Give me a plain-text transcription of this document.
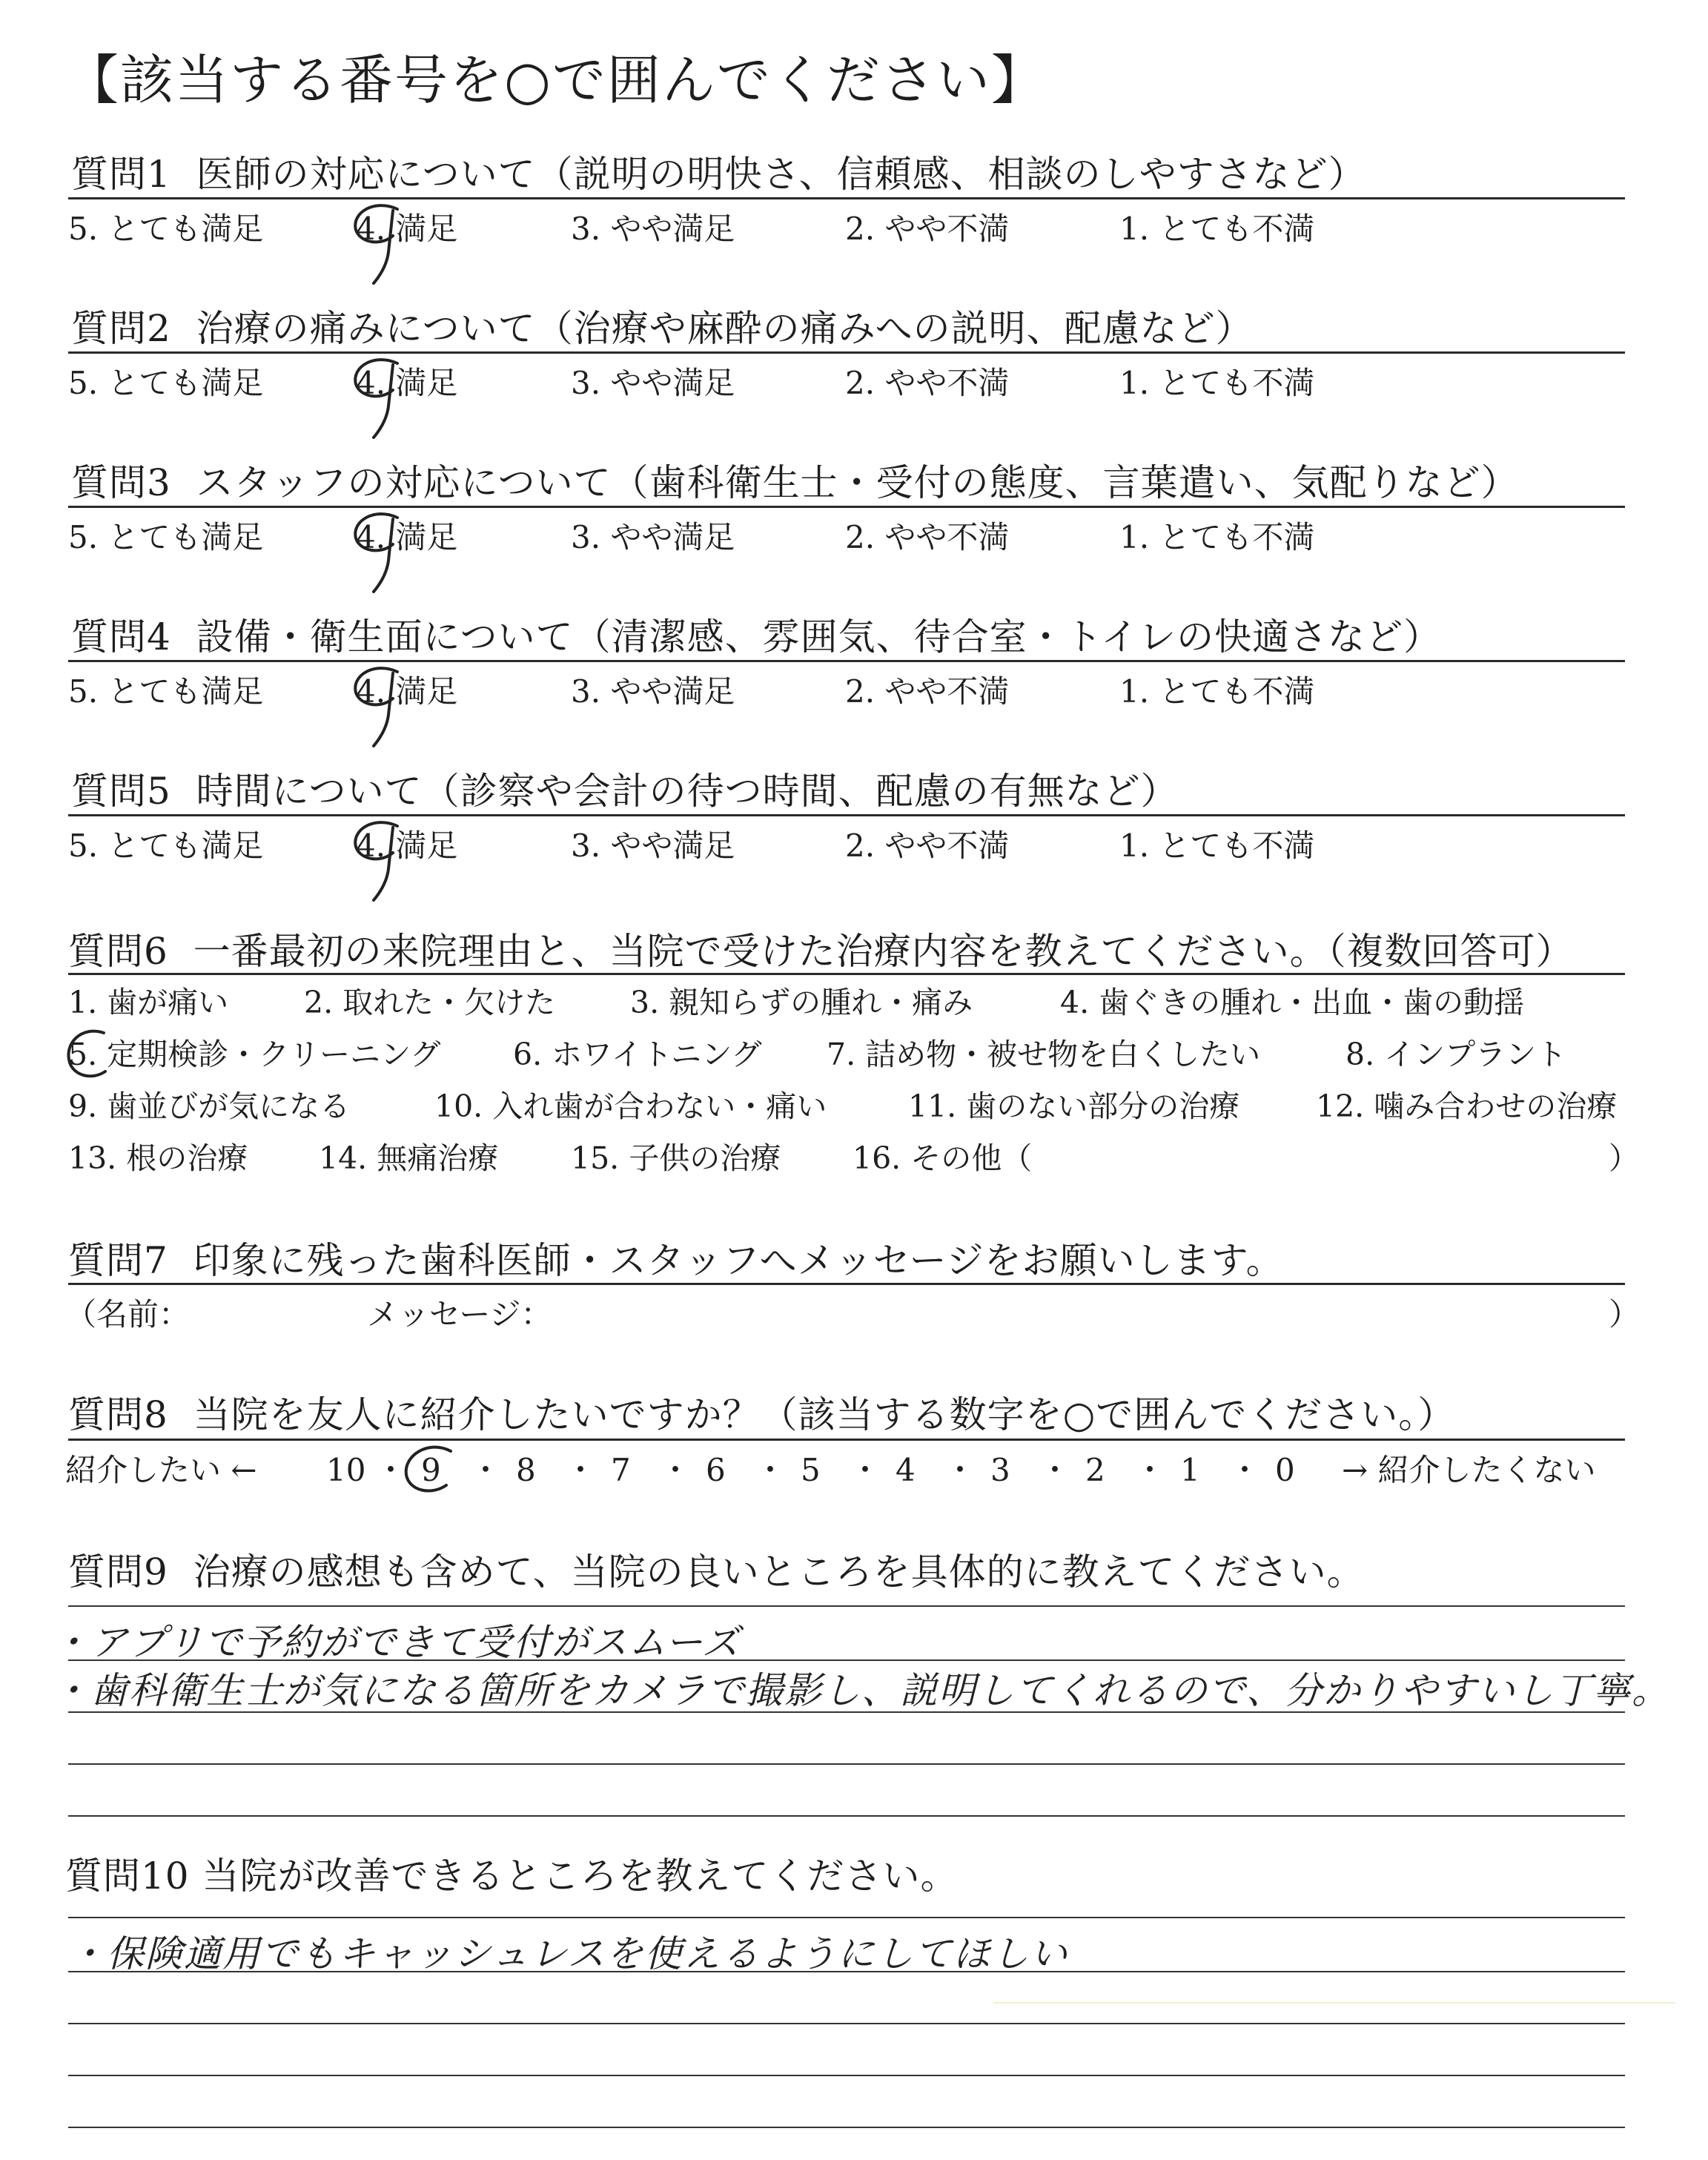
【該当する番号を○で囲んでください】
質問1 医師の対応について（説明の明快さ、信頼感、相談のしやすさなど）
5. とても満足	4. 満足	3. やや満足	2. やや不満	1. とても不満
質問2 治療の痛みについて（治療や麻酔の痛みへの説明、配慮など）
5. とても満足	4. 満足	3. やや満足	2. やや不満	1. とても不満
質問3 スタッフの対応について（歯科衛生士・受付の態度、言葉遣い、気配りなど）
5. とても満足	4. 満足	3. やや満足	2. やや不満	1. とても不満
質問4 設備・衛生面について（清潔感、雰囲気、待合室・トイレの快適さなど）
5. とても満足	4. 満足	3. やや満足	2. やや不満	1. とても不満
質問5 時間について（診察や会計の待つ時間、配慮の有無など）
5. とても満足	4. 満足	3. やや満足	2. やや不満	1. とても不満
質問6 一番最初の来院理由と、当院で受けた治療内容を教えてください。（複数回答可）
1. 歯が痛い 2. 取れた・欠けた 3. 親知らずの腫れ・痛み	4. 歯ぐきの腫れ・出血・歯の動揺
5. 定期検診・クリーニング 6. ホワイトニング 7. 詰め物・被せ物を白くしたい	8. インプラント
9. 歯並びが気になる	10. 入れ歯が合わない・痛い	11. 歯のない部分の治療	12. 噛み合わせの治療
13. 根の治療 14. 無痛治療 15. 子供の治療 16. その他（	）
質問7 印象に残った歯科医師・スタッフへメッセージをお願いします。
（名前：	メッセージ：	）
質問8 当院を友人に紹介したいですか？（該当する数字を○で囲んでください。）
紹介したい ← 10 ・ 9 ・ 8 ・ 7 ・ 6 ・ 5 ・ 4 ・ 3 ・ 2 ・ 1 ・ 0 → 紹介したくない
質問9 治療の感想も含めて、当院の良いところを具体的に教えてください。
・アプリで予約ができて受付がスムーズ
・歯科衛生士が気になる箇所をカメラで撮影し、説明してくれるので、分かりやすいし丁寧。
質問10 当院が改善できるところを教えてください。
・保険適用でもキャッシュレスを使えるようにしてほしい
